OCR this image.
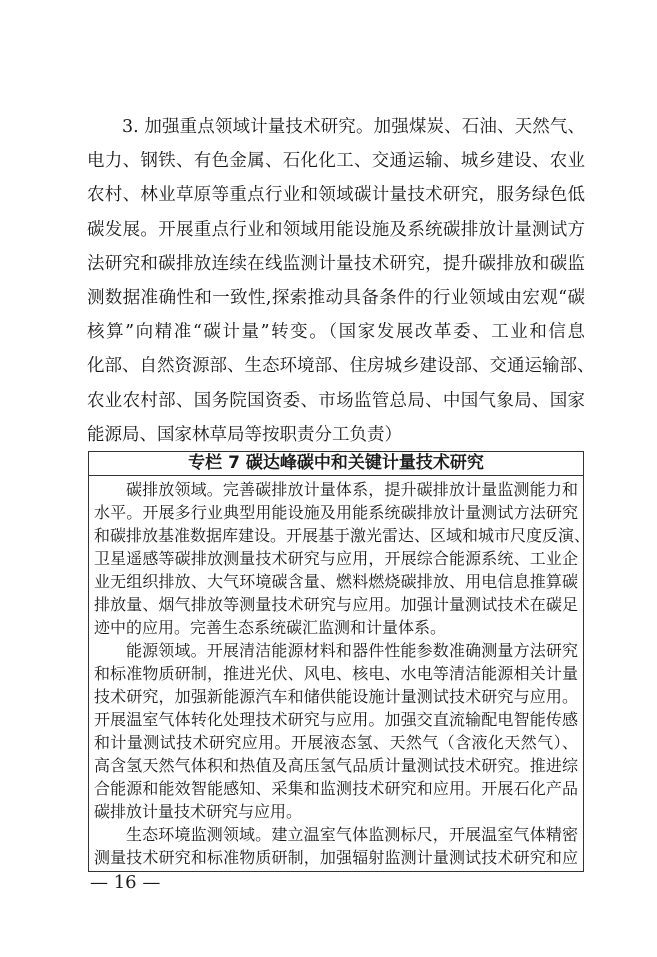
3. 加强重点领域计量技术研究。加强煤炭、石油、天然气、
电力、钢铁、有色金属、石化化工、交通运输、城乡建设、农业
农村、林业草原等重点行业和领域碳计量技术研究，服务绿色低
碳发展。开展重点行业和领域用能设施及系统碳排放计量测试方
法研究和碳排放连续在线监测计量技术研究，提升碳排放和碳监
测数据准确性和一致性,探索推动具备条件的行业领域由宏观“碳
核算”向精准“碳计量”转变。（国家发展改革委、工业和信息
化部、自然资源部、生态环境部、住房城乡建设部、交通运输部、
农业农村部、国务院国资委、市场监管总局、中国气象局、国家
能源局、国家林草局等按职责分工负责）
专栏 7 碳达峰碳中和关键计量技术研究
碳排放领域。完善碳排放计量体系，提升碳排放计量监测能力和
水平。开展多行业典型用能设施及用能系统碳排放计量测试方法研究
和碳排放基准数据库建设。开展基于激光雷达、区域和城市尺度反演、
卫星遥感等碳排放测量技术研究与应用，开展综合能源系统、工业企
业无组织排放、大气环境碳含量、燃料燃烧碳排放、用电信息推算碳
排放量、烟气排放等测量技术研究与应用。加强计量测试技术在碳足
迹中的应用。完善生态系统碳汇监测和计量体系。
能源领域。开展清洁能源材料和器件性能参数准确测量方法研究
和标准物质研制，推进光伏、风电、核电、水电等清洁能源相关计量
技术研究，加强新能源汽车和储供能设施计量测试技术研究与应用。
开展温室气体转化处理技术研究与应用。加强交直流输配电智能传感
和计量测试技术研究应用。开展液态氢、天然气（含液化天然气）、
高含氢天然气体积和热值及高压氢气品质计量测试技术研究。推进综
合能源和能效智能感知、采集和监测技术研究和应用。开展石化产品
碳排放计量技术研究与应用。
生态环境监测领域。建立温室气体监测标尺，开展温室气体精密
测量技术研究和标准物质研制，加强辐射监测计量测试技术研究和应
— 16 —
